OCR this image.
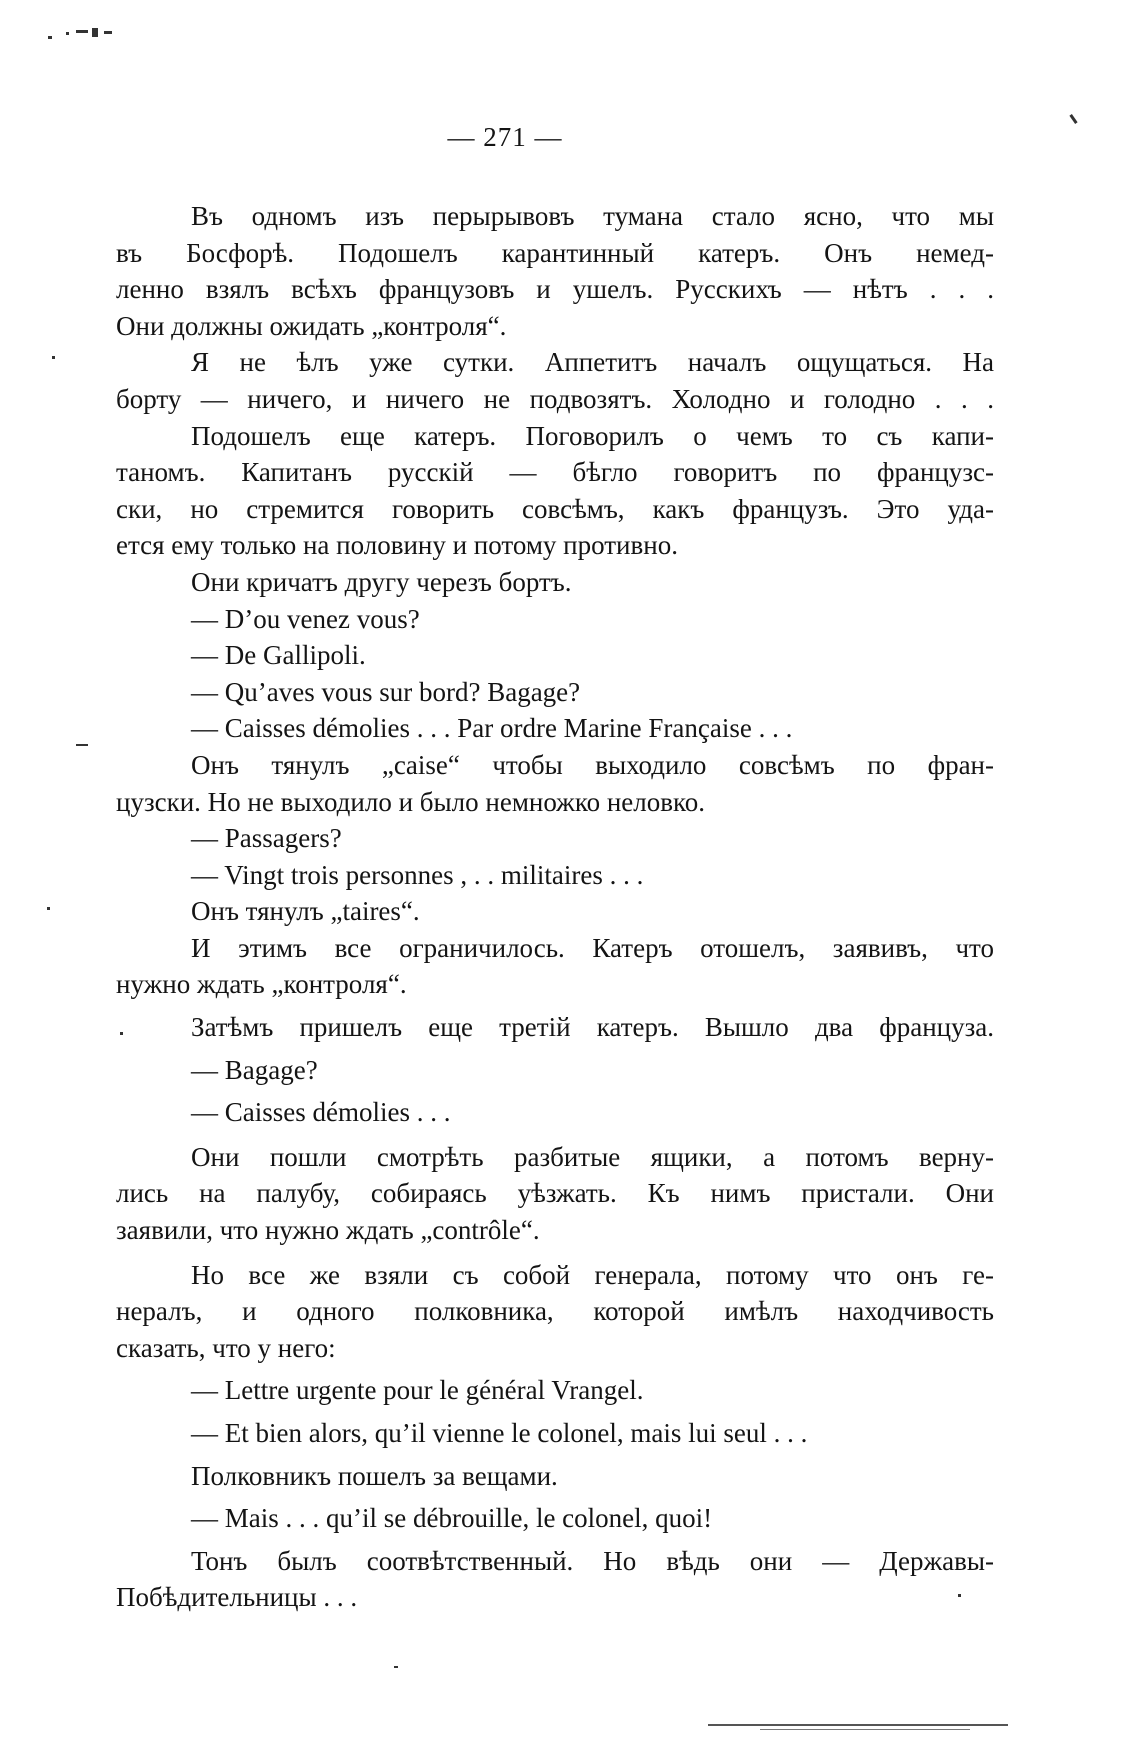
— 271 —

Въ одномъ изъ перырывовъ тумана стало ясно, что мы

въ Босфорѣ. Подошелъ карантинный катеръ. Онъ немед-

ленно взялъ всѣхъ французовъ и ушелъ. Русскихъ — нѣтъ . . .

Они должны ожидать „контроля“.

Я не ѣлъ уже сутки. Аппетитъ началъ ощущаться. На

борту — ничего, и ничего не подвозятъ. Холодно и голодно . . .

Подошелъ еще катеръ. Поговорилъ о чемъ то съ капи-

таномъ. Капитанъ русскій — бѣгло говоритъ по французс-

ски, но стремится говорить совсѣмъ, какъ французъ. Это уда-

ется ему только на половину и потому противно.

Они кричатъ другу черезъ бортъ.

— D’ou venez vous?

— De Gallipoli.

— Qu’aves vous sur bord? Bagage?

— Caisses démolies . . . Par ordre Marine Française . . .

Онъ тянулъ „caise“ чтобы выходило совсѣмъ по фран-

цузски. Но не выходило и было немножко неловко.

— Passagers?

— Vingt trois personnes , . . militaires . . .

Онъ тянулъ „taires“.

И этимъ все ограничилось. Катеръ отошелъ, заявивъ, что

нужно ждать „контроля“.

Затѣмъ пришелъ еще третій катеръ. Вышло два француза.

— Bagage?

— Caisses démolies . . .

Они пошли смотрѣть разбитые ящики, а потомъ верну-

лись на палубу, собираясь уѣзжать. Къ нимъ пристали. Они

заявили, что нужно ждать „contrôle“.

Но все же взяли съ собой генерала, потому что онъ ге-

нералъ, и одного полковника, которой имѣлъ находчивость

сказать, что у него:

— Lettre urgente pour le général Vrangel.

— Et bien alors, qu’il vienne le colonel, mais lui seul . . .

Полковникъ пошелъ за вещами.

— Mais . . . qu’il se débrouille, le colonel, quoi!

Тонъ былъ соотвѣтственный. Но вѣдь они — Державы-

Побѣдительницы . . .
